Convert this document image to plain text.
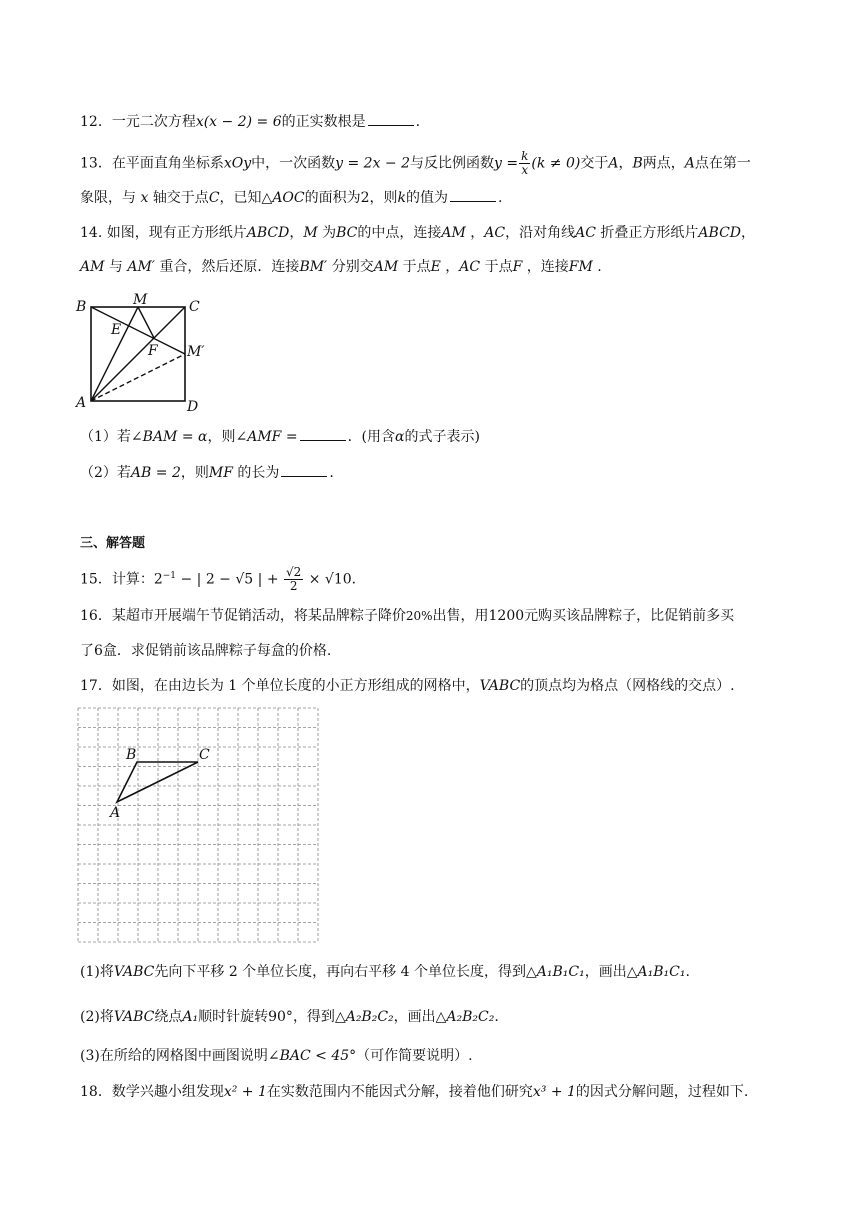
12．一元二次方程x(x − 2) = 6的正实数根是	.
13．在平面直角坐标系xOy中，一次函数y = 2x − 2与反比例函数$y = \frac{k}{x} (k \ne 0)$交于A，B两点，A点在第一
象限，与 x 轴交于点C，已知△AOC的面积为2，则k的值为	.
14. 如图，现有正方形纸片ABCD，M 为BC的中点，连接AM ，AC，沿对角线AC 折叠正方形纸片ABCD，
AM 与 AM′ 重合，然后还原．连接BM′ 分别交AM 于点E ，AC 于点F ，连接FM .
B	M	C
E
F M′
A	D
（1）若∠BAM = α，则∠AMF =	．(用含α的式子表示)
（2）若AB = 2，则MF 的长为	.
三、解答题
15．计算：$2^{-1}$ − | 2 − √5 | + $\frac{√2}{2} \times √10$．
16．某超市开展端午节促销活动，将某品牌粽子降价20%出售，用1200元购买该品牌粽子，比促销前多买
了6盒．求促销前该品牌粽子每盒的价格.
17．如图，在由边长为 1 个单位长度的小正方形组成的网格中，VABC的顶点均为格点（网格线的交点）.
A
B	C
(1)将VABC先向下平移 2 个单位长度，再向右平移 4 个单位长度，得到△A₁B₁C₁，画出△A₁B₁C₁.
(2)将VABC绕点A₁顺时针旋转90°，得到△A₂B₂C₂，画出△A₂B₂C₂.
(3)在所给的网格图中画图说明∠BAC < 45°（可作简要说明）.
18．数学兴趣小组发现x² + 1在实数范围内不能因式分解，接着他们研究x³ + 1的因式分解问题，过程如下.
